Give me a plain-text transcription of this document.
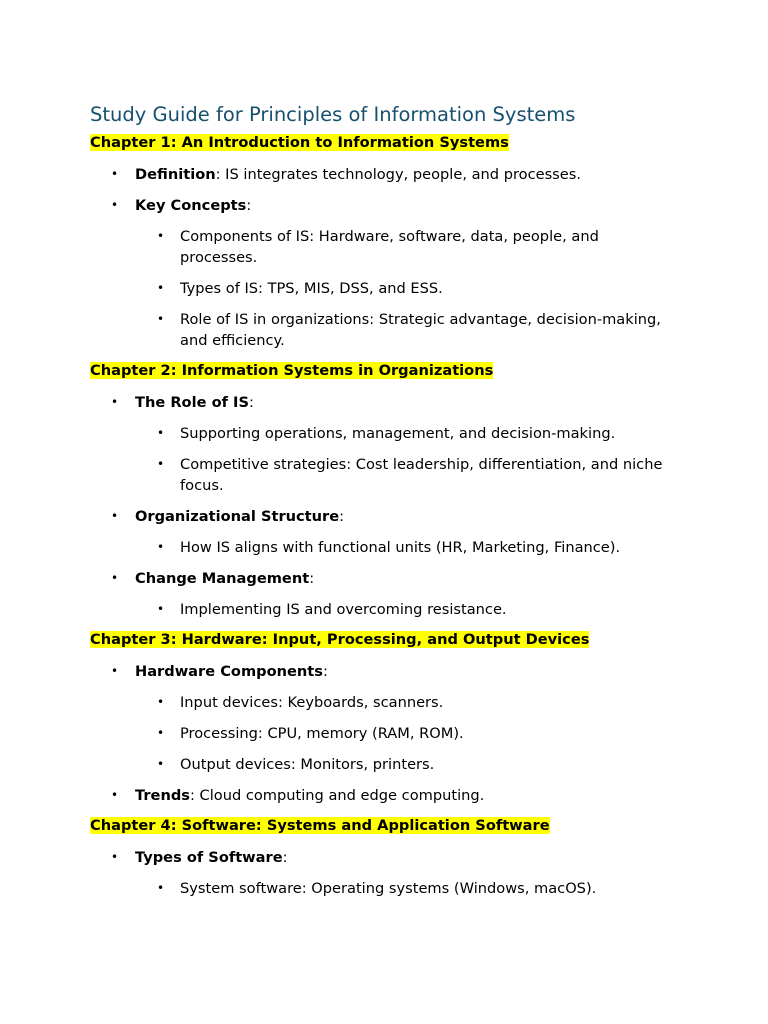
Study Guide for Principles of Information Systems
Chapter 1: An Introduction to Information Systems
• Definition: IS integrates technology, people, and processes.
• Key Concepts:
• Components of IS: Hardware, software, data, people, and processes.
• Types of IS: TPS, MIS, DSS, and ESS.
• Role of IS in organizations: Strategic advantage, decision-making, and efficiency.
Chapter 2: Information Systems in Organizations
• The Role of IS:
• Supporting operations, management, and decision-making.
• Competitive strategies: Cost leadership, differentiation, and niche focus.
• Organizational Structure:
• How IS aligns with functional units (HR, Marketing, Finance).
• Change Management:
• Implementing IS and overcoming resistance.
Chapter 3: Hardware: Input, Processing, and Output Devices
• Hardware Components:
• Input devices: Keyboards, scanners.
• Processing: CPU, memory (RAM, ROM).
• Output devices: Monitors, printers.
• Trends: Cloud computing and edge computing.
Chapter 4: Software: Systems and Application Software
• Types of Software:
• System software: Operating systems (Windows, macOS).
